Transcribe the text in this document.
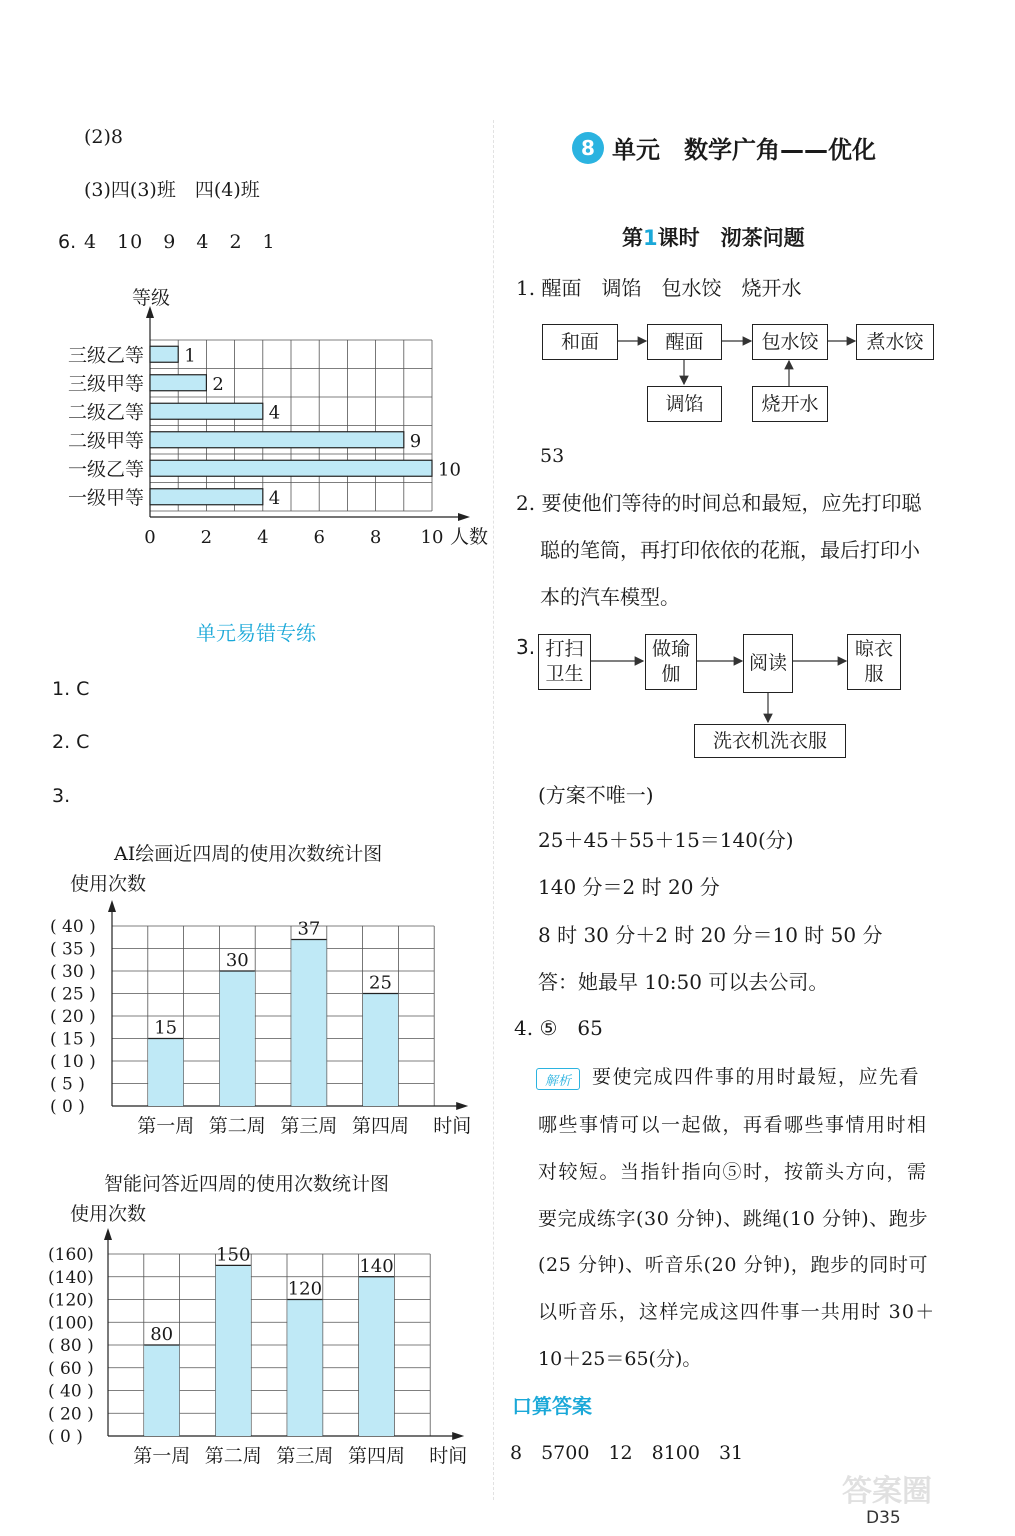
(2)8
(3)四(3)班　四(4)班
6. 4　10　9　4　2　1
等级
0 2 4 6 8 10 人数
三级乙等 1
三级甲等	2
二级乙等	4
二级甲等	9
一级乙等	10
一级甲等	4
单元易错专练
1. C
2. C
3.
AI绘画近四周的使用次数统计图
使用次数
( 0 )
( 5 )
( 10 )
( 15 )
( 20 )
( 25 )
( 30 )
( 35 )
( 40 )
15
第一周
30
第二周
37
第三周
25
第四周 时间
智能问答近四周的使用次数统计图
使用次数
( 0 )
( 20 )
( 40 )
( 60 )
( 80 )
(100)
(120)
(140)
(160)
80
第一周
150
第二周
120
第三周
140
第四周 时间
8 单元　数学广角——优化
第1课时　沏茶问题
1. 醒面　调馅　包水饺　烧开水
和面	醒面	包水饺	煮水饺
调馅	烧开水
53
2. 要使他们等待的时间总和最短，应先打印聪
聪的笔筒，再打印依依的花瓶，最后打印小
本的汽车模型。
3. 打扫卫生
做瑜伽	阅读
晾衣服
洗衣机洗衣服
(方案不唯一)
25＋45＋55＋15＝140(分)
140 分＝2 时 20 分
8 时 30 分＋2 时 20 分＝10 时 50 分
答：她最早 10:50 可以去公司。
4. ⑤　65
解析	要使完成四件事的用时最短，应先看
哪些事情可以一起做，再看哪些事情用时相
对较短。当指针指向⑤时，按箭头方向，需
要完成练字(30 分钟)、跳绳(10 分钟)、跑步
(25 分钟)、听音乐(20 分钟)，跑步的同时可
以听音乐，这样完成这四件事一共用时 30＋
10＋25＝65(分)。
口算答案
8　5700　12　8100　31
D35
答案圈
